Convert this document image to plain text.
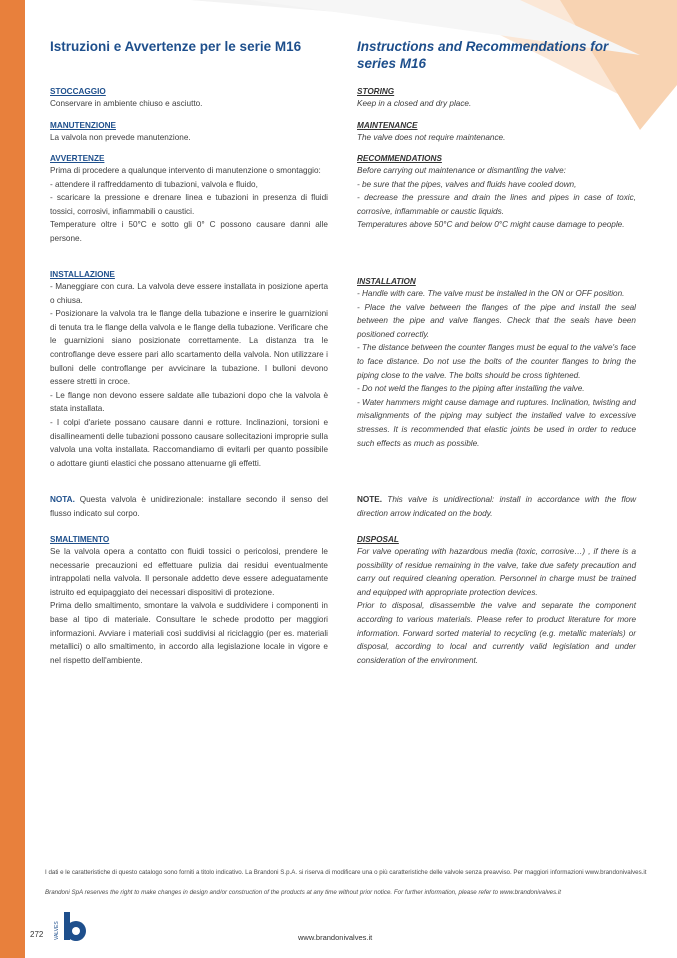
Istruzioni e Avvertenze per le serie M16
STOCCAGGIO

Conservare in ambiente chiuso e asciutto.

MANUTENZIONE

La valvola non prevede manutenzione.

AVVERTENZE

Prima di procedere a qualunque intervento di manutenzione o smontaggio:

- attendere il raffreddamento di tubazioni, valvola e fluido,

- scaricare la pressione e drenare linea e tubazioni in presenza di fluidi tossici, corrosivi, infiammabili o caustici.

Temperature oltre i 50°C e sotto gli 0° C possono causare danni alle persone.

INSTALLAZIONE

- Maneggiare con cura. La valvola deve essere installata in posizione aperta o chiusa.

- Posizionare la valvola tra le flange della tubazione e inserire le guarnizioni di tenuta tra le flange della valvola e le flange della tubazione. Verificare che le guarnizioni siano posizionate correttamente. La distanza tra le controflange deve essere pari allo scartamento della valvola. Non utilizzare i bulloni delle controflange per avvicinare la tubazione. I bulloni devono essere stretti in croce.

- Le flange non devono essere saldate alle tubazioni dopo che la valvola è stata installata.

- I colpi d'ariete possano causare danni e rotture. Inclinazioni, torsioni e disallineamenti delle tubazioni possono causare sollecitazioni improprie sulla valvola una volta installata. Raccomandiamo di evitarli per quanto possibile o adottare giunti elastici che possano attenuarne gli effetti.

NOTA. Questa valvola è unidirezionale: installare secondo il senso del flusso indicato sul corpo.

SMALTIMENTO

Se la valvola opera a contatto con fluidi tossici o pericolosi, prendere le necessarie precauzioni ed effettuare pulizia dai residui eventualmente intrappolati nella valvola. Il personale addetto deve essere adeguatamente istruito ed equipaggiato dei necessari dispositivi di protezione.

Prima dello smaltimento, smontare la valvola e suddividere i componenti in base al tipo di materiale. Consultare le schede prodotto per maggiori informazioni. Avviare i materiali così suddivisi al riciclaggio (per es. materiali metallici) o allo smaltimento, in accordo alla legislazione locale in vigore e nel rispetto dell'ambiente.

Instructions and Recommendations for series M16
STORING

Keep in a closed and dry place.

MAINTENANCE

The valve does not require maintenance.

RECOMMENDATIONS

Before carrying out maintenance or dismantling the valve:

- be sure that the pipes, valves and fluids have cooled down,

- decrease the pressure and drain the lines and pipes in case of toxic, corrosive, inflammable or caustic liquids.

Temperatures above 50°C and below 0°C might cause damage to people.

INSTALLATION

- Handle with care. The valve must be installed in the ON or OFF position.

- Place the valve between the flanges of the pipe and install the seal between the pipe and valve flanges. Check that the seals have been positioned correctly.

- The distance between the counter flanges must be equal to the valve's face to face distance. Do not use the bolts of the counter flanges to bring the piping close to the valve. The bolts should be cross tightened.

- Do not weld the flanges to the piping after installing the valve.

- Water hammers might cause damage and ruptures. Inclination, twisting and misalignments of the piping may subject the installed valve to excessive stresses. It is recommended that elastic joints be used in order to reduce such effects as much as possible.

NOTE. This valve is unidirectional: install in accordance with the flow direction arrow indicated on the body.

DISPOSAL

For valve operating with hazardous media (toxic, corrosive…) , if there is a possibility of residue remaining in the valve, take due safety precaution and carry out required cleaning operation. Personnel in charge must be trained and equipped with appropriate protection devices.

Prior to disposal, disassemble the valve and separate the component according to various materials. Please refer to product literature for more information. Forward sorted material to recycling (e.g. metallic materials) or disposal, according to local and currently valid legislation and under consideration of the environment.

I dati e le caratteristiche di questo catalogo sono forniti a titolo indicativo. La Brandoni S.p.A. si riserva di modificare una o più caratteristiche delle valvole senza preavviso. Per maggiori informazioni www.brandonivalves.it
Brandoni SpA reserves the right to make changes in design and/or construction of the products at any time without prior notice. For further information, please refer to www.brandonivalves.it
272 VALVES	www.brandonivalves.it
